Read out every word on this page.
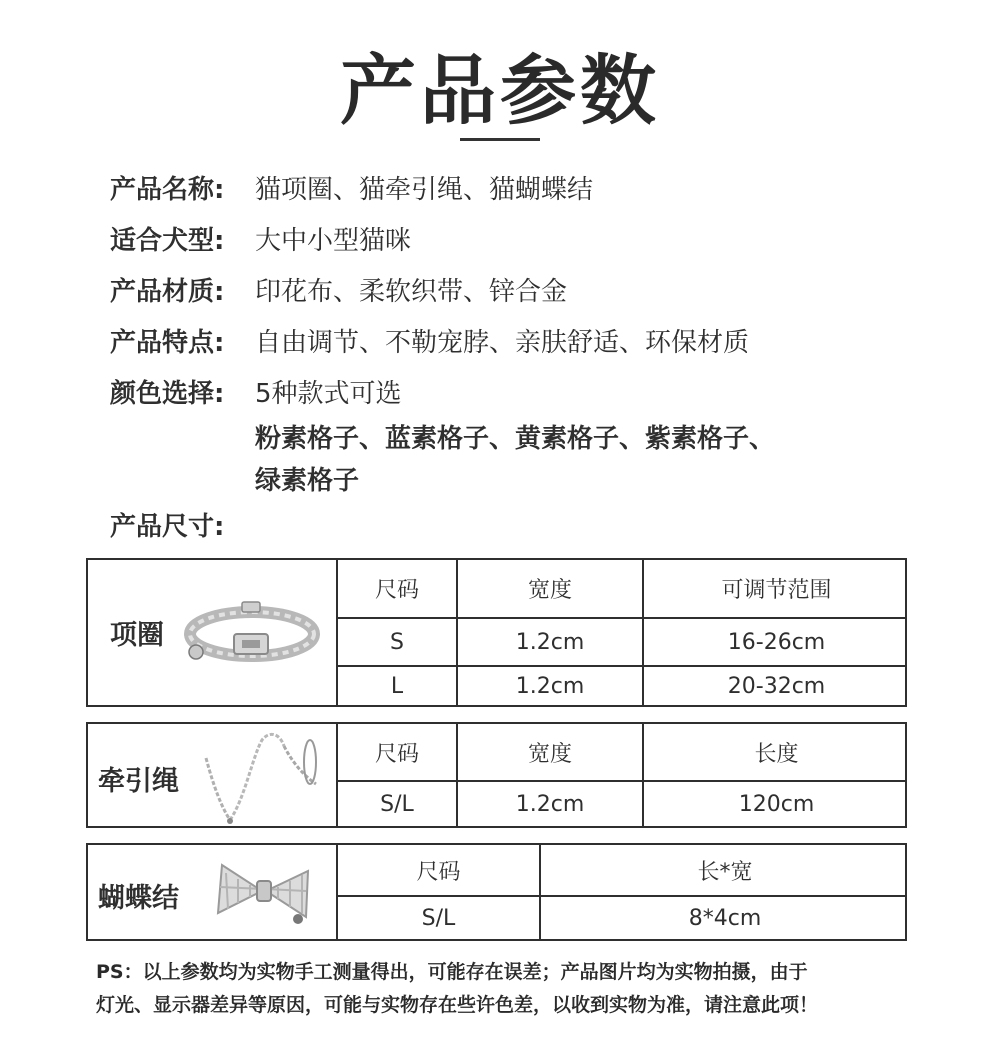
产品参数
产品名称: 猫项圈、猫牵引绳、猫蝴蝶结
适合犬型: 大中小型猫咪
产品材质: 印花布、柔软织带、锌合金
产品特点: 自由调节、不勒宠脖、亲肤舒适、环保材质
颜色选择: 5种款式可选
粉素格子、蓝素格子、黄素格子、紫素格子、
绿素格子
产品尺寸:
项圈
尺码	宽度	可调节范围
S	1.2cm	16-26cm
L	1.2cm	20-32cm
牵引绳
尺码	宽度	长度
S/L	1.2cm	120cm
蝴蝶结
尺码	长*宽
S/L	8*4cm
PS：以上参数均为实物手工测量得出，可能存在误差；产品图片均为实物拍摄，由于
灯光、显示器差异等原因，可能与实物存在些许色差，以收到实物为准，请注意此项！
